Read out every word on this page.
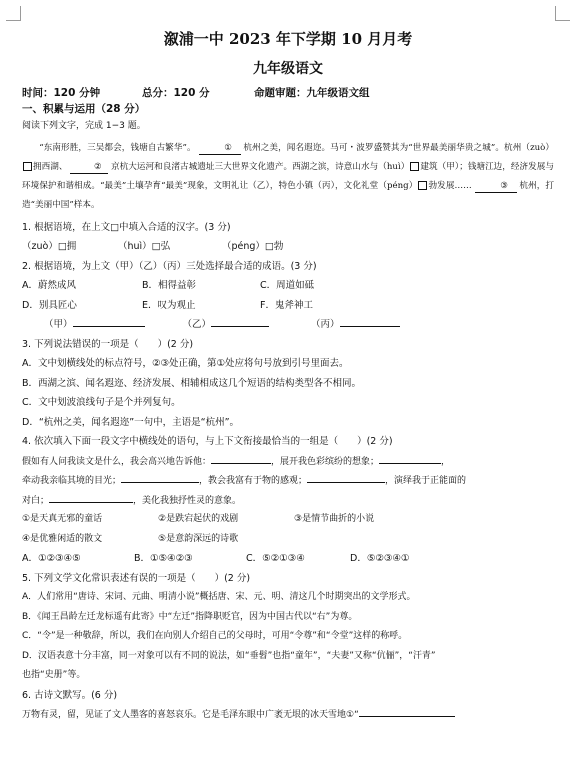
溆浦一中 2023 年下学期 10 月月考
九年级语文
时间：120 分钟	总分：120 分	命题审题：九年级语文组
一、积累与运用（28 分）
阅读下列文字，完成 1−3 题。
“东南形胜，三吴都会，钱塘自古繁华”。	① 杭州之美，闻名遐迩。马可・波罗盛赞其为“世界最美丽华贵之城”。杭州（zuò）拥西湖、	② 京杭大运河和良渚古城遗址三大世界文化遗产。西湖之滨，诗意山水与（huì） 建筑（甲）；钱塘江边，经济发展与环境保护和谐相成。“最美”土壤孕育“最美”现象，文明礼让（乙），特色小镇（丙），文化礼堂（péng） 勃发展……	③ 杭州，打造“美丽中国”样本。
1. 根据语境，在上文□中填入合适的汉字。(3 分)
（zuò）□拥	（huì）□弘	（péng）□勃
2. 根据语境，为上文（甲）（乙）（丙）三处选择最合适的成语。(3 分)
A．蔚然成风	B．相得益彰	C．周道如砥
D．别具匠心	E．叹为观止	F．鬼斧神工
（甲）	（乙）	（丙）
3. 下列说法错误的一项是（　　）(2 分)
A．文中划横线处的标点符号，②③处正确，第①处应将句号放到引号里面去。
B．西湖之滨、闻名遐迩、经济发展、相辅相成这几个短语的结构类型各不相同。
C．文中划波浪线句子是个并列复句。
D．“杭州之美，闻名遐迩”一句中，主语是“杭州”。
4. 依次填入下面一段文字中横线处的语句，与上下文衔接最恰当的一组是（　　）(2 分)
假如有人问我读文是什么，我会高兴地告诉他：	，展开我色彩缤纷的想象；	，
牵动我亲临其境的目光；	，教会我富有于物的感观；	，演绎我于正能面的
对白；	，美化我独抒性灵的意象。
①是天真无邪的童话	②是跌宕起伏的戏剧	③是情节曲折的小说
④是优雅闲适的散文	⑤是意韵深远的诗歌
A．①②③④⑤	B．①⑤④②③	C．⑤②①③④	D．⑤②③④①
5. 下列文学文化常识表述有误的一项是（　　）(2 分)
A．人们常用“唐诗、宋词、元曲、明清小说”概括唐、宋、元、明、清这几个时期突出的文学形式。
B．《闻王昌龄左迁龙标遥有此寄》中“左迁”指降职贬官，因为中国古代以“右”为尊。
C．“令”是一种敬辞，所以，我们在向别人介绍自己的父母时，可用“令尊”和“令堂”这样的称呼。
D．汉语表意十分丰富，同一对象可以有不同的说法，如“垂髫”也指“童年”，“夫妻”又称“伉俪”，“汗青”
也指“史册”等。
6. 古诗文默写。(6 分)
万物有灵，留，见证了文人墨客的喜怒哀乐。它是毛泽东眼中广袤无垠的冰天雪地①“
